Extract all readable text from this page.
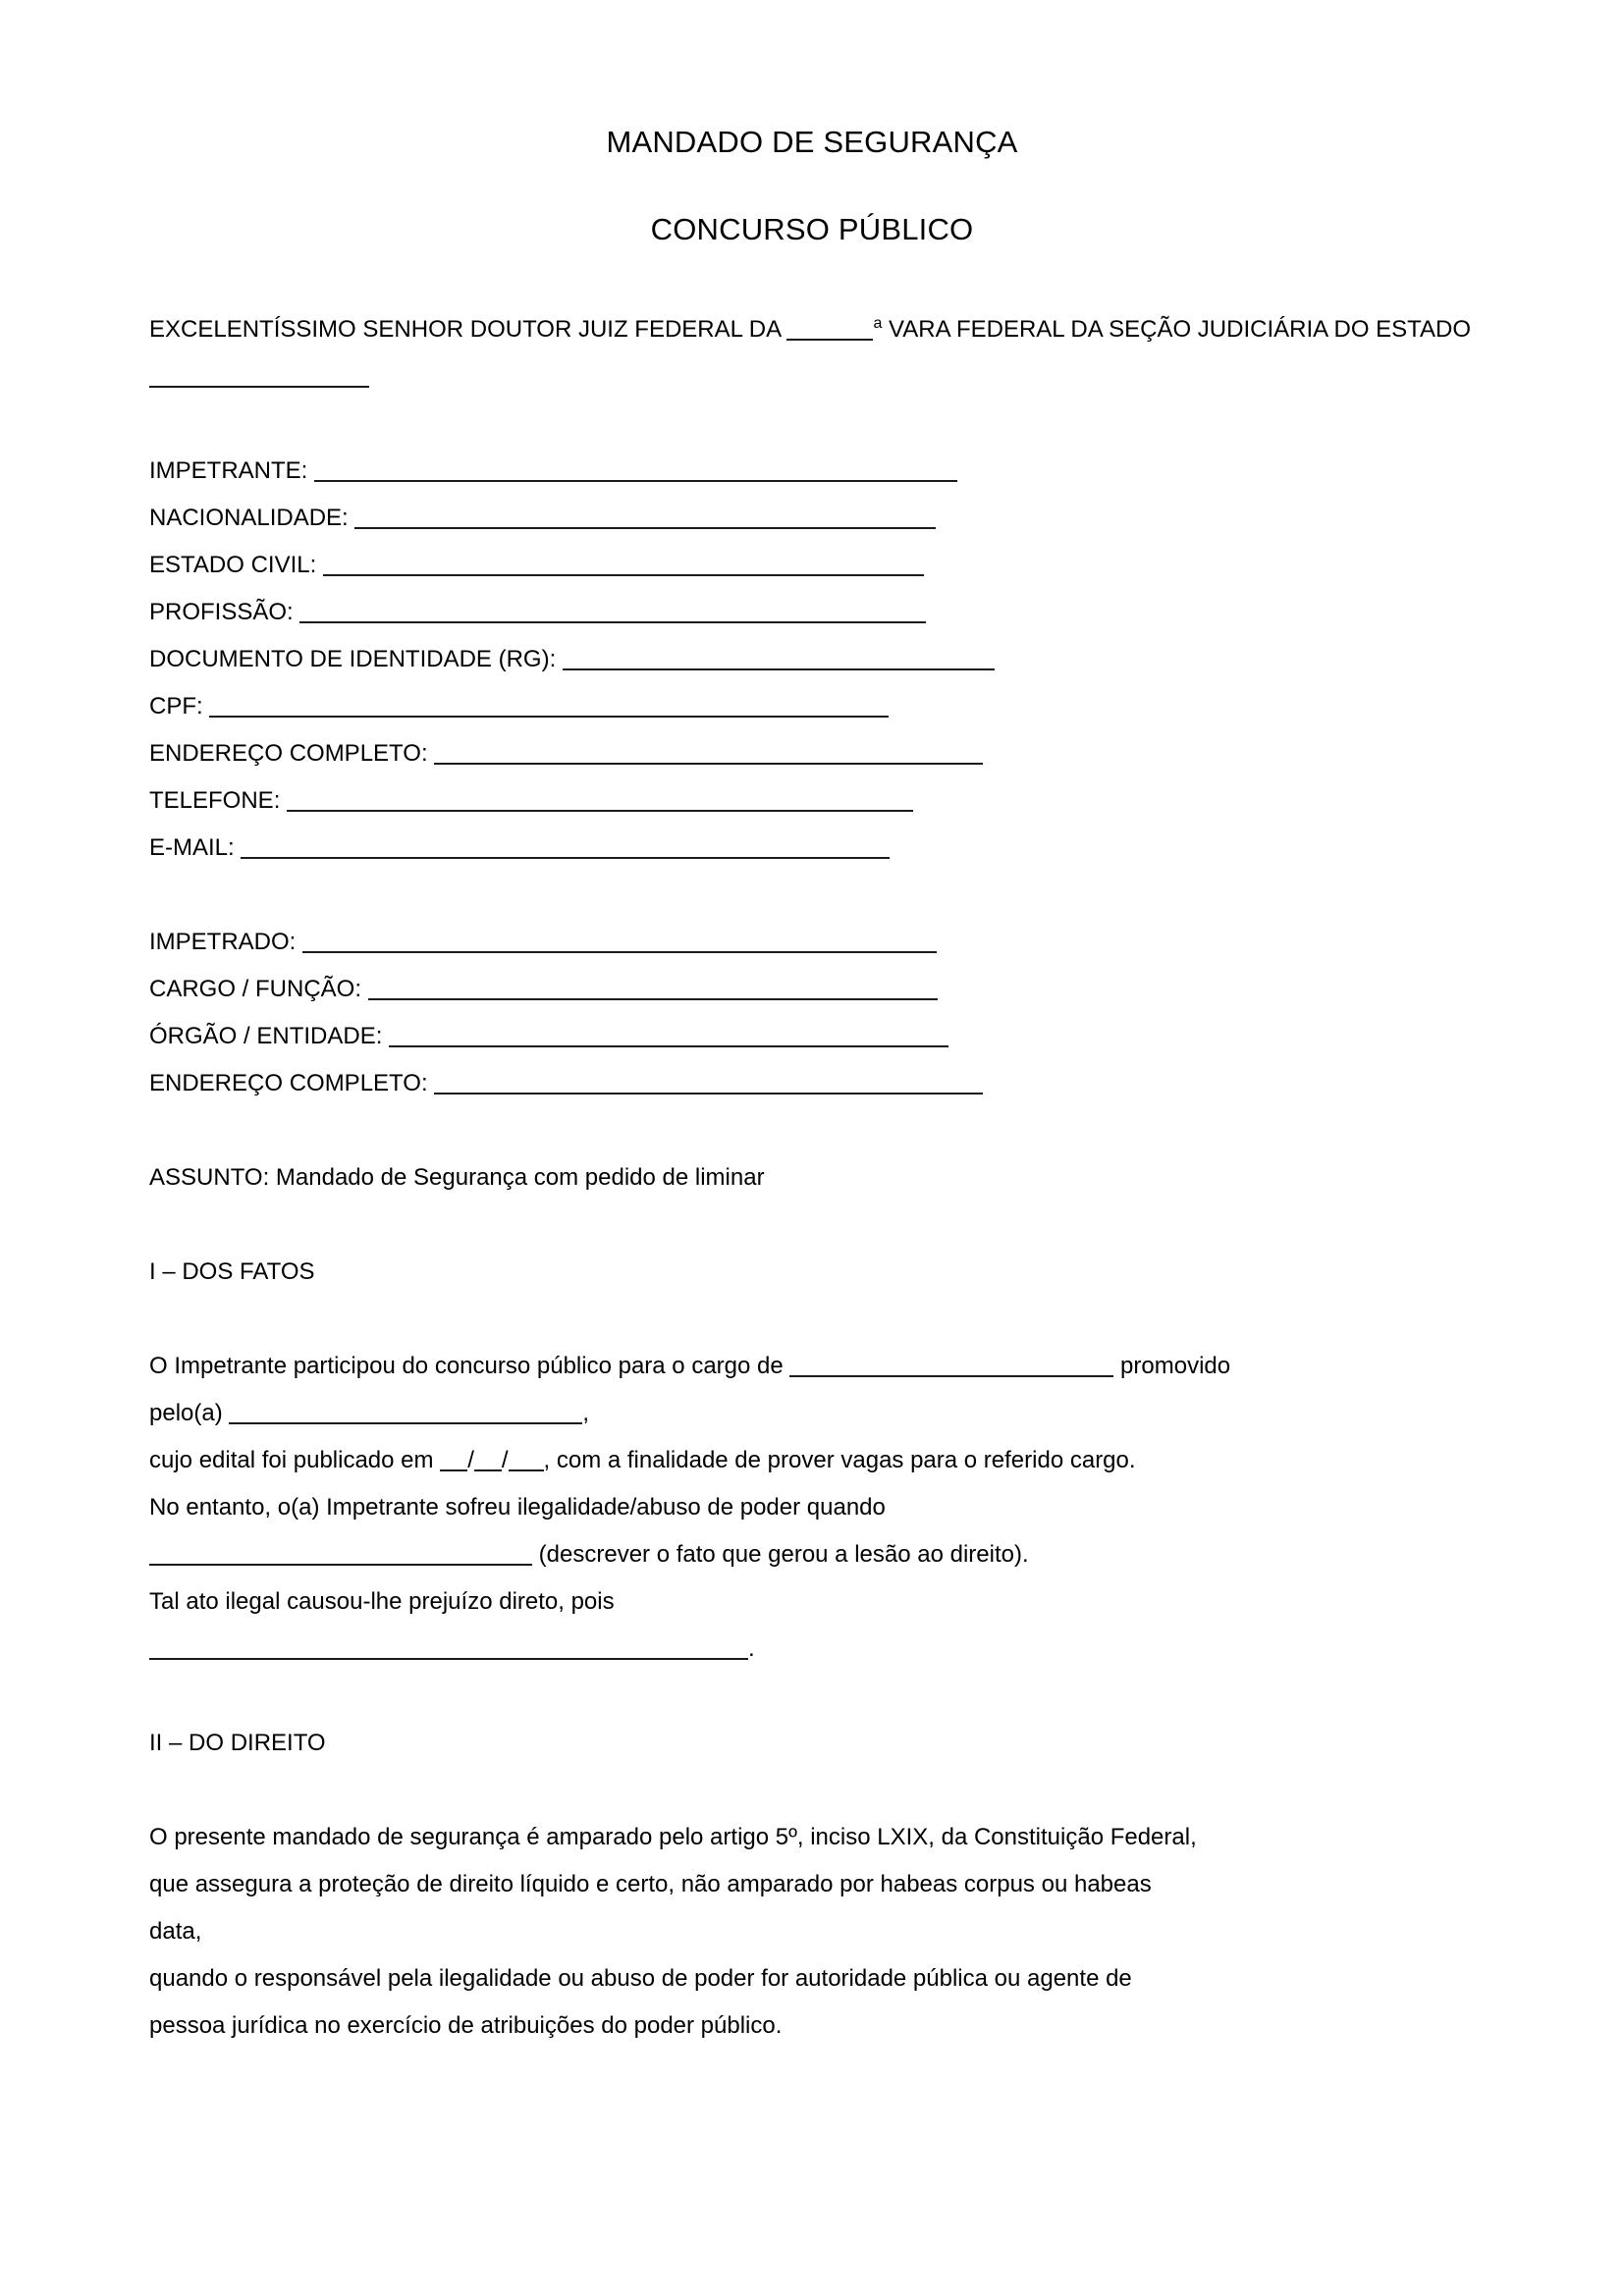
MANDADO DE SEGURANÇA
CONCURSO PÚBLICO
EXCELENTÍSSIMO SENHOR DOUTOR JUIZ FEDERAL DA	$^a$ VARA FEDERAL DA SEÇÃO JUDICIÁRIA DO ESTADO
IMPETRANTE:
NACIONALIDADE:
ESTADO CIVIL:
PROFISSÃO:
DOCUMENTO DE IDENTIDADE (RG):
CPF:
ENDEREÇO COMPLETO:
TELEFONE:
E-MAIL:
IMPETRADO:
CARGO / FUNÇÃO:
ÓRGÃO / ENTIDADE:
ENDEREÇO COMPLETO:
ASSUNTO: Mandado de Segurança com pedido de liminar
I – DOS FATOS
O Impetrante participou do concurso público para o cargo de	promovido
pelo(a)	,
cujo edital foi publicado em / / , com a finalidade de prover vagas para o referido cargo.
No entanto, o(a) Impetrante sofreu ilegalidade/abuso de poder quando
(descrever o fato que gerou a lesão ao direito).
Tal ato ilegal causou-lhe prejuízo direto, pois
.
II – DO DIREITO
O presente mandado de segurança é amparado pelo artigo 5º, inciso LXIX, da Constituição Federal,
que assegura a proteção de direito líquido e certo, não amparado por habeas corpus ou habeas
data,
quando o responsável pela ilegalidade ou abuso de poder for autoridade pública ou agente de
pessoa jurídica no exercício de atribuições do poder público.
